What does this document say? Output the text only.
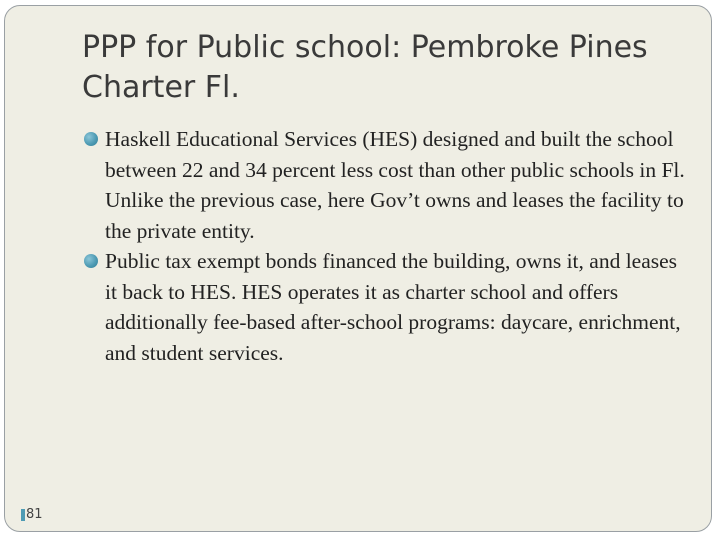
PPP for Public school: Pembroke Pines Charter Fl.
Haskell Educational Services (HES) designed and built the school between 22 and 34 percent less cost than other public schools in Fl. Unlike the previous case, here Gov’t owns and leases the facility to the private entity.
Public tax exempt bonds financed the building, owns it, and leases it back to HES. HES operates it as charter school and offers additionally fee-based after-school programs: daycare, enrichment, and student services.
81
